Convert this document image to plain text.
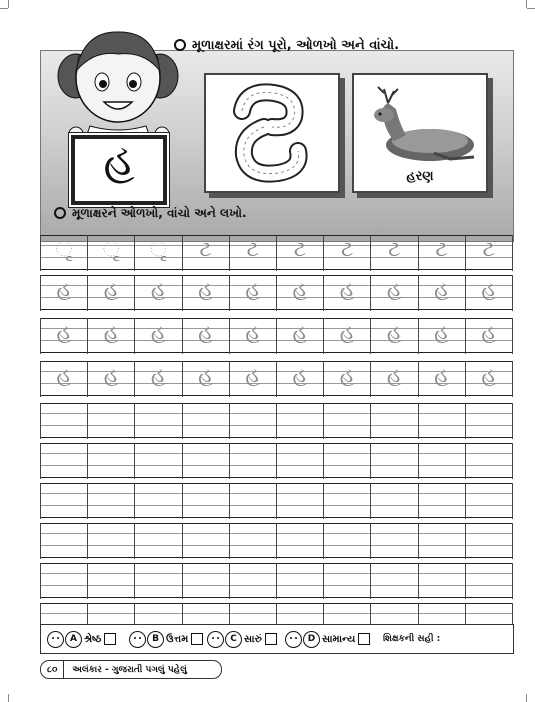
મૂળાક્ષરમાં રંગ પૂરો, ઓળખો અને વાંચો.
હરણ
હ
મૂળાક્ષરને ઓળખો, વાંચો અને લખો.
ૃ	ૃ	ૃ	ટ	ટ	ટ	ટ	ટ	ટ	ટ
હ	હ	હ	હ	હ	હ	હ	હ	હ	હ
હ	હ	હ	હ	હ	હ	હ	હ	હ	હ
હ	હ	હ	હ	હ	હ	હ	હ	હ	હ
A શ્રેષ્ઠ	B ઉત્તમ	C સારું	D સામાન્ય	શિક્ષકની સહી :
૮૦	અલંકાર - ગુજરાતી પગલું પહેલું
